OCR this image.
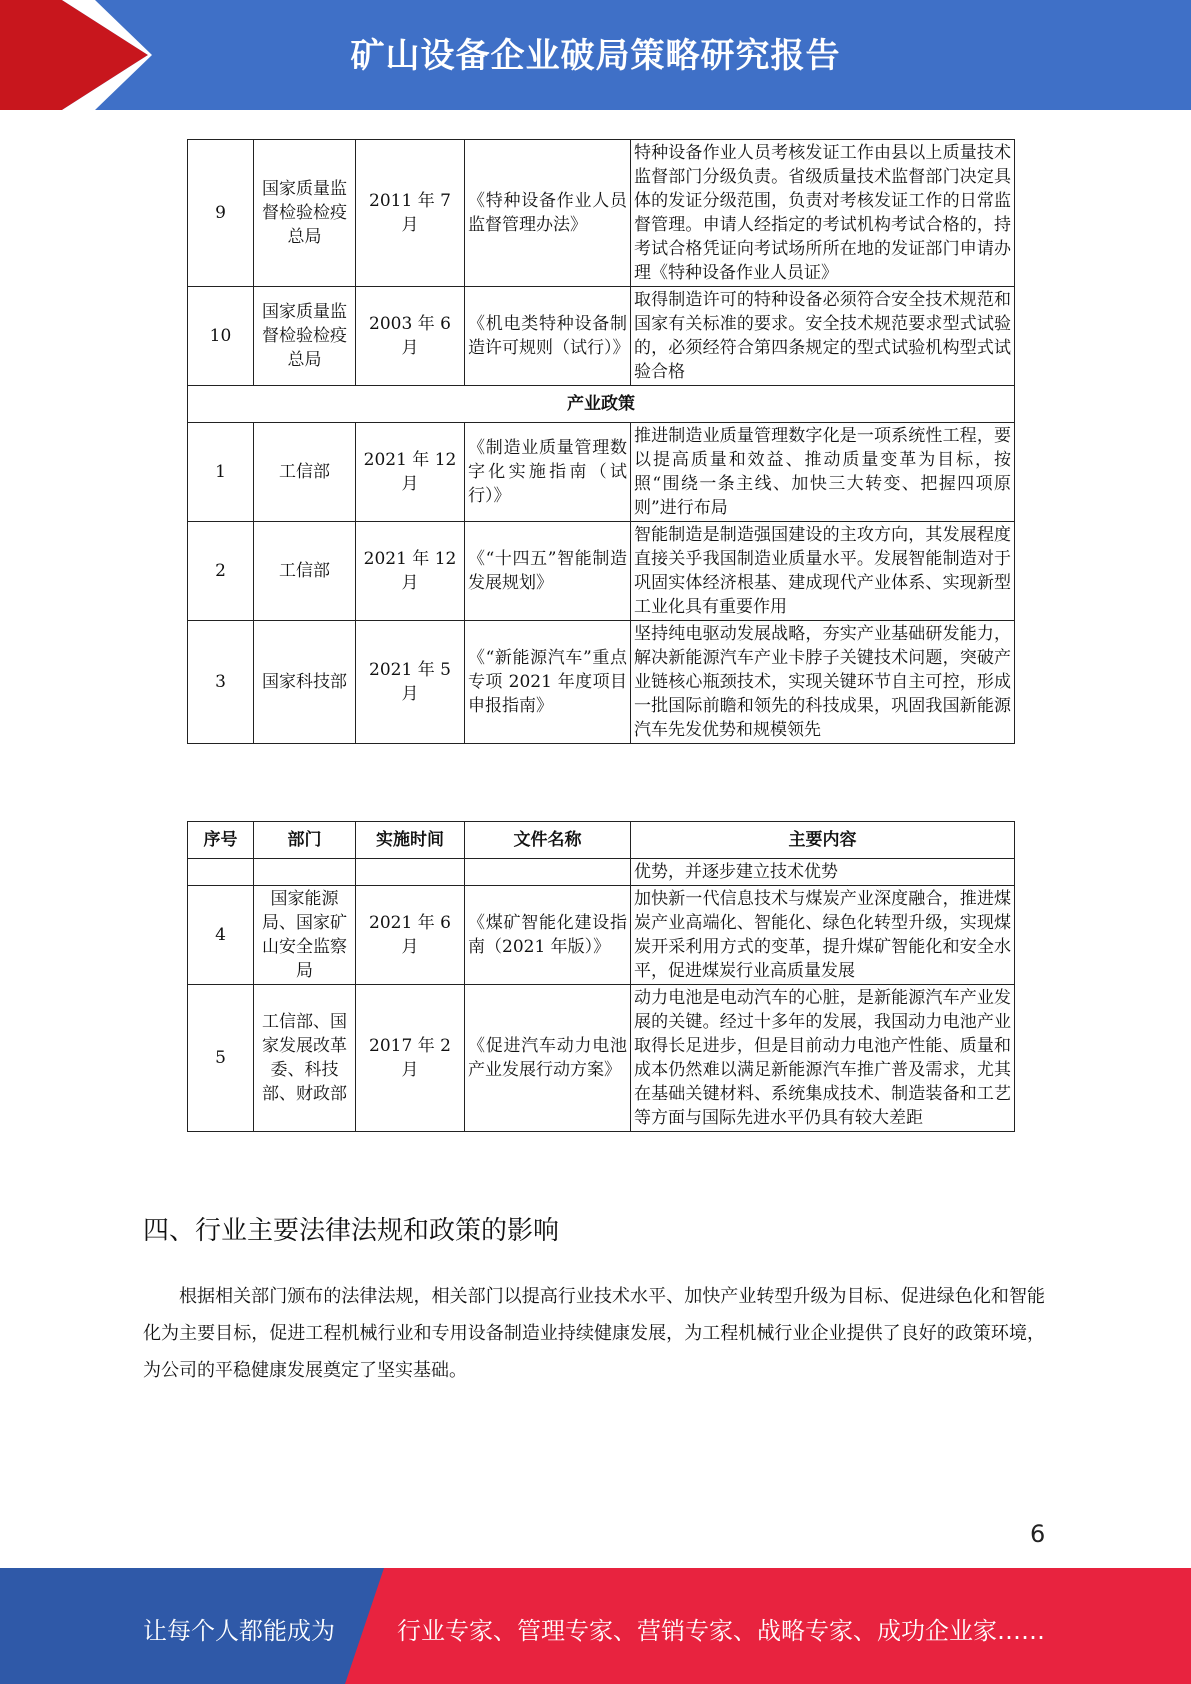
矿山设备企业破局策略研究报告
9	国家质量监督检验检疫总局	2011 年 7 月	《特种设备作业人员监督管理办法》	特种设备作业人员考核发证工作由县以上质量技术监督部门分级负责。省级质量技术监督部门决定具体的发证分级范围，负责对考核发证工作的日常监督管理。申请人经指定的考试机构考试合格的，持考试合格凭证向考试场所所在地的发证部门申请办理《特种设备作业人员证》
10	国家质量监督检验检疫总局	2003 年 6 月	《机电类特种设备制造许可规则（试行）》	取得制造许可的特种设备必须符合安全技术规范和国家有关标准的要求。安全技术规范要求型式试验的，必须经符合第四条规定的型式试验机构型式试验合格
产业政策				
1	工信部	2021 年 12 月	《制造业质量管理数字化实施指南（试行）》	推进制造业质量管理数字化是一项系统性工程，要以提高质量和效益、推动质量变革为目标，按照“围绕一条主线、加快三大转变、把握四项原则”进行布局
2	工信部	2021 年 12 月	《“十四五”智能制造发展规划》	智能制造是制造强国建设的主攻方向，其发展程度直接关乎我国制造业质量水平。发展智能制造对于巩固实体经济根基、建成现代产业体系、实现新型工业化具有重要作用
3	国家科技部	2021 年 5 月	《“新能源汽车”重点专项 2021 年度项目申报指南》	坚持纯电驱动发展战略，夯实产业基础研发能力，解决新能源汽车产业卡脖子关键技术问题，突破产业链核心瓶颈技术，实现关键环节自主可控，形成一批国际前瞻和领先的科技成果，巩固我国新能源汽车先发优势和规模领先
序号	部门	实施时间	文件名称	主要内容
				优势，并逐步建立技术优势
4	国家能源局、国家矿山安全监察局	2021 年 6 月	《煤矿智能化建设指南（2021 年版）》	加快新一代信息技术与煤炭产业深度融合，推进煤炭产业高端化、智能化、绿色化转型升级，实现煤炭开采利用方式的变革，提升煤矿智能化和安全水平，促进煤炭行业高质量发展
5	工信部、国家发展改革委、科技部、财政部	2017 年 2 月	《促进汽车动力电池产业发展行动方案》	动力电池是电动汽车的心脏，是新能源汽车产业发展的关键。经过十多年的发展，我国动力电池产业取得长足进步，但是目前动力电池产性能、质量和成本仍然难以满足新能源汽车推广普及需求，尤其在基础关键材料、系统集成技术、制造装备和工艺等方面与国际先进水平仍具有较大差距
四、行业主要法律法规和政策的影响

根据相关部门颁布的法律法规，相关部门以提高行业技术水平、加快产业转型升级为目标、促进绿色化和智能化为主要目标，促进工程机械行业和专用设备制造业持续健康发展，为工程机械行业企业提供了良好的政策环境，为公司的平稳健康发展奠定了坚实基础。

6
让每个人都能成为	行业专家、管理专家、营销专家、战略专家、成功企业家……
